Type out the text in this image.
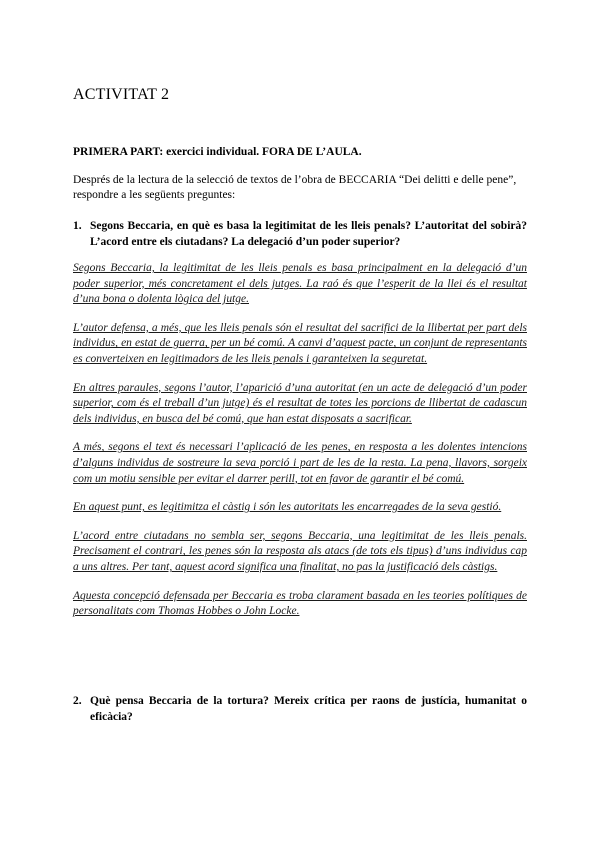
ACTIVITAT 2

PRIMERA PART: exercici individual. FORA DE L’AULA.

Després de la lectura de la selecció de textos de l’obra de BECCARIA “Dei delitti e delle pene”, respondre a les següents preguntes:

1. Segons Beccaria, en què es basa la legitimitat de les lleis penals? L’autoritat del sobirà? L’acord entre els ciutadans? La delegació d’un poder superior?

Segons Beccaria, la legitimitat de les lleis penals es basa principalment en la delegació d’un poder superior, més concretament el dels jutges. La raó és que l’esperit de la llei és el resultat d’una bona o dolenta lògica del jutge.

L’autor defensa, a més, que les lleis penals són el resultat del sacrifici de la llibertat per part dels individus, en estat de guerra, per un bé comú. A canvi d’aquest pacte, un conjunt de representants es converteixen en legitimadors de les lleis penals i garanteixen la seguretat.

En altres paraules, segons l’autor, l’aparició d’una autoritat (en un acte de delegació d’un poder superior, com és el treball d’un jutge) és el resultat de totes les porcions de llibertat de cadascun dels individus, en busca del bé comú, que han estat disposats a sacrificar.

A més, segons el text és necessari l’aplicació de les penes, en resposta a les dolentes intencions d’alguns individus de sostreure la seva porció i part de les de la resta. La pena, llavors, sorgeix com un motiu sensible per evitar el darrer perill, tot en favor de garantir el bé comú.

En aquest punt, es legitimitza el càstig i són les autoritats les encarregades de la seva gestió.

L’acord entre ciutadans no sembla ser, segons Beccaria, una legitimitat de les lleis penals. Precisament el contrari, les penes són la resposta als atacs (de tots els tipus) d’uns individus cap a uns altres. Per tant, aquest acord significa una finalitat, no pas la justificació dels càstigs.

Aquesta concepció defensada per Beccaria es troba clarament basada en les teories polítiques de personalitats com Thomas Hobbes o John Locke.

2. Què pensa Beccaria de la tortura? Mereix crítica per raons de justícia, humanitat o eficàcia?
